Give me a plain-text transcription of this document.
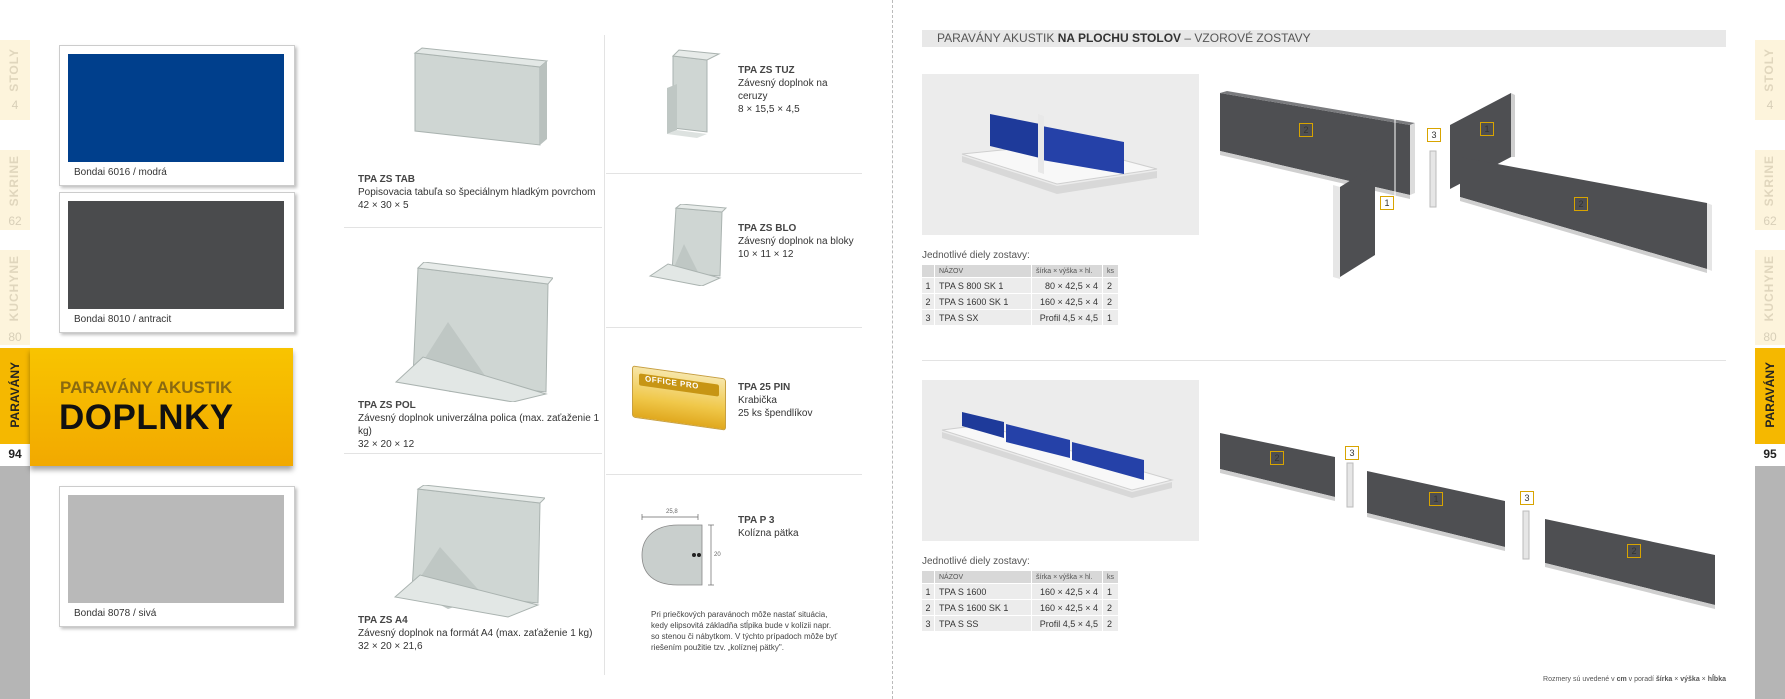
STOLY
4
SKRINE
62
KUCHYNE
80
PARAVÁNY
94
STOLY
4
SKRINE
62
KUCHYNE
80
PARAVÁNY
95
Bondai 6016 / modrá
Bondai 8010 / antracit
Bondai 8078 / sivá
PARAVÁNY AKUSTIK
DOPLNKY
TPA ZS TAB
Popisovacia tabuľa so špeciálnym hladkým povrchom
42 × 30 × 5
TPA ZS POL
Závesný doplnok univerzálna polica (max. zaťaženie 1 kg)
32 × 20 × 12
TPA ZS A4
Závesný doplnok na formát A4 (max. zaťaženie 1 kg)
32 × 20 × 21,6
TPA ZS TUZ
Závesný doplnok na ceruzy
8 × 15,5 × 4,5
TPA ZS BLO
Závesný doplnok na bloky
10 × 11 × 12
OFFICE PRO	TPA 25 PIN
Krabička
25 ks špendlíkov
25,8
20
TPA P 3
Kolízna pätka
Pri priečkových paravánoch môže nastať situácia,
kedy elipsovitá základňa stĺpika bude v kolízii napr.
so stenou či nábytkom. V týchto prípadoch môže byť
riešením použitie tzv. „kolíznej pätky".
PARAVÁNY AKUSTIK NA PLOCHU STOLOV – VZOROVÉ ZOSTAVY
Jednotlivé diely zostavy:
	NÁZOV	šírka × výška × hl.	ks
1	TPA S 800 SK 1	80 × 42,5 × 4	2
2	TPA S 1600 SK 1	160 × 42,5 × 4	2
3	TPA S SX	Profil 4,5 × 4,5	1
2	3
1
1	2
Jednotlivé diely zostavy:
	NÁZOV	šírka × výška × hl.	ks
1	TPA S 1600	160 × 42,5 × 4	1
2	TPA S 1600 SK 1	160 × 42,5 × 4	2
3	TPA S SS	Profil 4,5 × 4,5	2
2	3
1	3
2
Rozmery sú uvedené v cm v poradí šírka × výška × hĺbka
